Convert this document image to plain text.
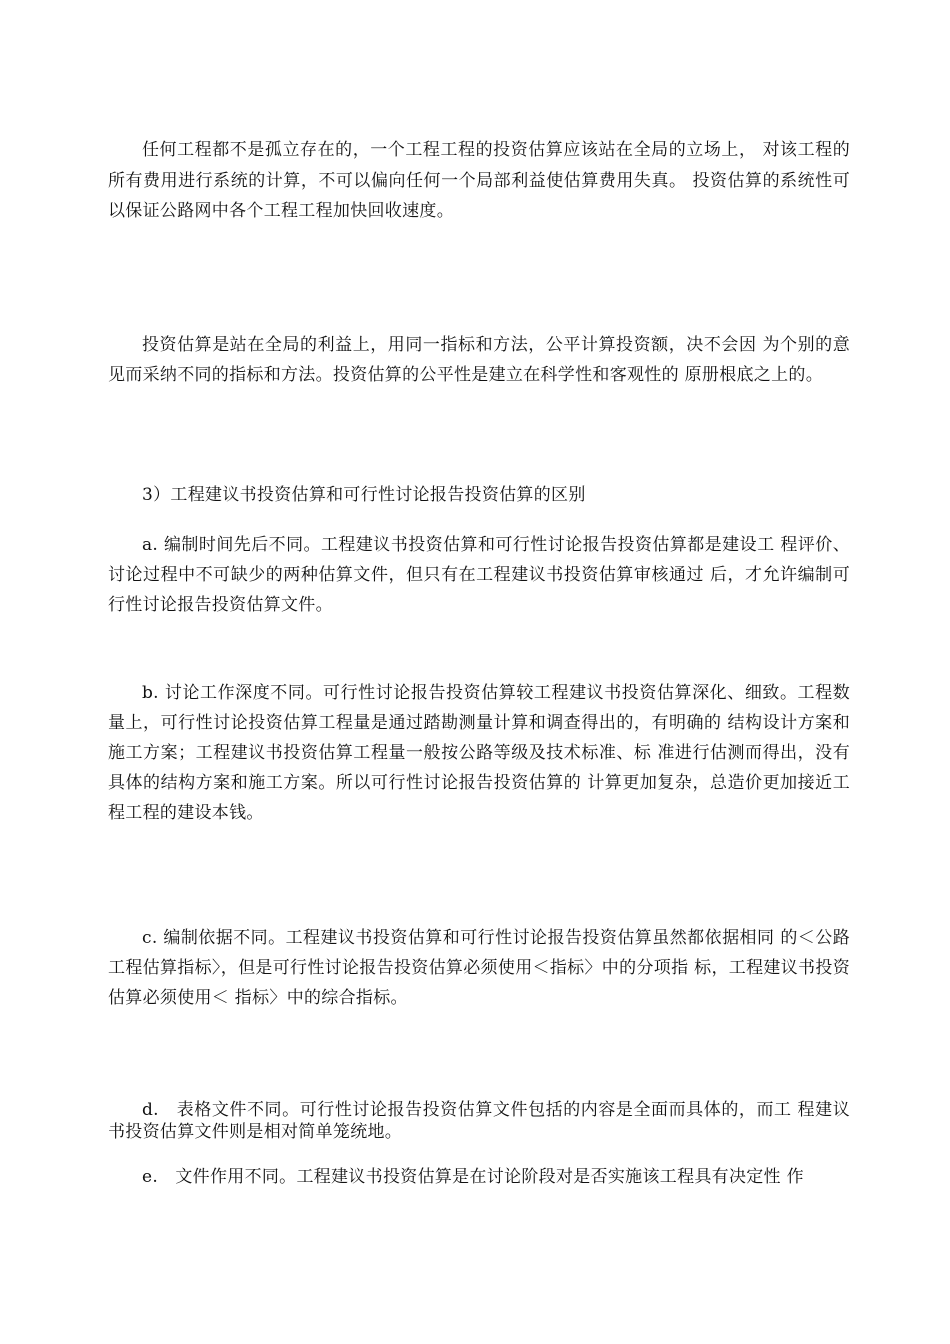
任何工程都不是孤立存在的，一个工程工程的投资估算应该站在全局的立场上， 对该工程的所有费用进行系统的计算，不可以偏向任何一个局部利益使估算费用失真。 投资估算的系统性可以保证公路网中各个工程工程加快回收速度。

投资估算是站在全局的利益上，用同一指标和方法，公平计算投资额，决不会因 为个别的意见而采纳不同的指标和方法。投资估算的公平性是建立在科学性和客观性的 原册根底之上的。

3）工程建议书投资估算和可行性讨论报告投资估算的区别

a. 编制时间先后不同。工程建议书投资估算和可行性讨论报告投资估算都是建设工 程评价、讨论过程中不可缺少的两种估算文件，但只有在工程建议书投资估算审核通过 后，才允许编制可行性讨论报告投资估算文件。

b. 讨论工作深度不同。可行性讨论报告投资估算较工程建议书投资估算深化、细致。工程数量上，可行性讨论投资估算工程量是通过踏勘测量计算和调查得出的，有明确的 结构设计方案和施工方案；工程建议书投资估算工程量一般按公路等级及技术标准、标 准进行估测而得出，没有具体的结构方案和施工方案。所以可行性讨论报告投资估算的 计算更加复杂，总造价更加接近工程工程的建设本钱。

c. 编制依据不同。工程建议书投资估算和可行性讨论报告投资估算虽然都依据相同 的＜公路工程估算指标〉，但是可行性讨论报告投资估算必须使用＜指标〉中的分项指 标，工程建议书投资估算必须使用＜ 指标〉中的综合指标。

d.　表格文件不同。可行性讨论报告投资估算文件包括的内容是全面而具体的，而工 程建议书投资估算文件则是相对简单笼统地。

e.　文件作用不同。工程建议书投资估算是在讨论阶段对是否实施该工程具有决定性 作
